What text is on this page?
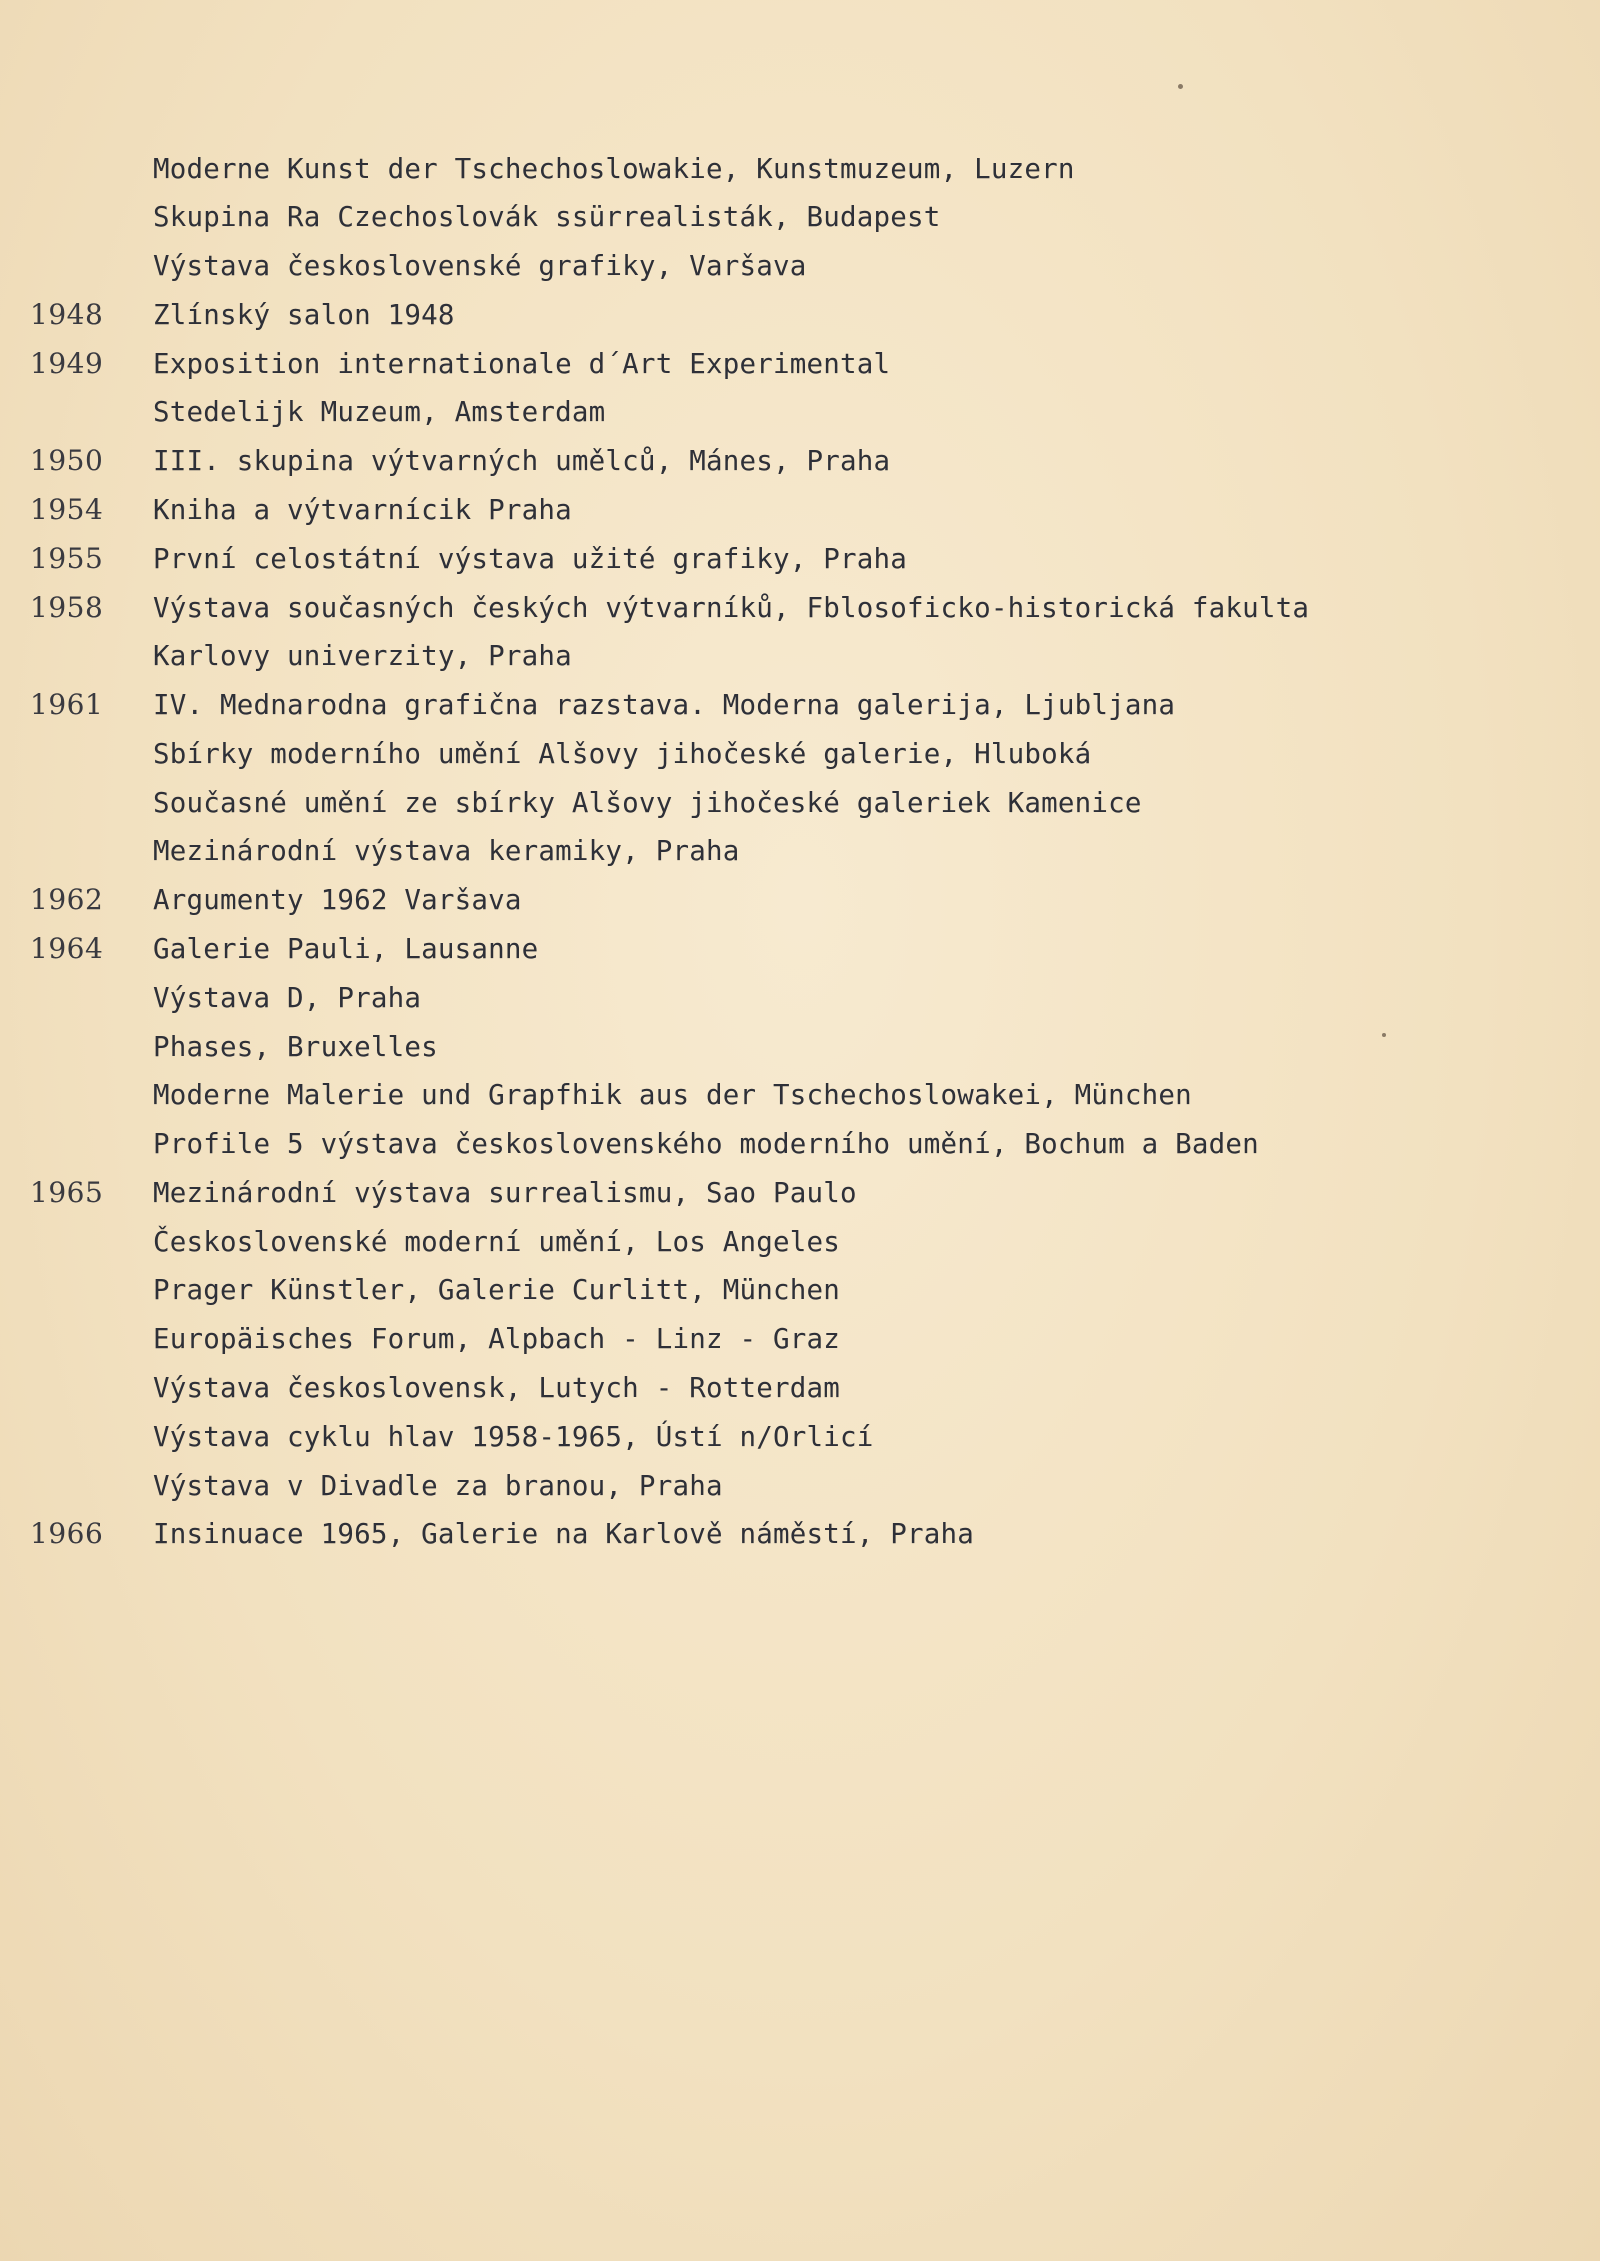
Moderne Kunst der Tschechoslowakie, Kunstmuzeum, Luzern
Skupina Ra Czechoslovák ssürrealisták, Budapest
Výstava československé grafiky, Varšava
1948 Zlínský salon 1948
1949 Exposition internationale d´Art Experimental
Stedelijk Muzeum, Amsterdam
1950 III. skupina výtvarných umělců, Mánes, Praha
1954 Kniha a výtvarnícik Praha
1955 První celostátní výstava užité grafiky, Praha
1958 Výstava současných českých výtvarníků, Fblosoficko-historická fakulta
Karlovy univerzity, Praha
1961 IV. Mednarodna grafična razstava. Moderna galerija, Ljubljana
Sbírky moderního umění Alšovy jihočeské galerie, Hluboká
Současné umění ze sbírky Alšovy jihočeské galeriek Kamenice
Mezinárodní výstava keramiky, Praha
1962 Argumenty 1962 Varšava
1964 Galerie Pauli, Lausanne
Výstava D, Praha
Phases, Bruxelles
Moderne Malerie und Grapfhik aus der Tschechoslowakei, München
Profile 5 výstava československého moderního umění, Bochum a Baden
1965 Mezinárodní výstava surrealismu, Sao Paulo
Československé moderní umění, Los Angeles
Prager Künstler, Galerie Curlitt, München
Europäisches Forum, Alpbach - Linz - Graz
Výstava československ, Lutych - Rotterdam
Výstava cyklu hlav 1958-1965, Ústí n/Orlicí
Výstava v Divadle za branou, Praha
1966 Insinuace 1965, Galerie na Karlově náměstí, Praha
